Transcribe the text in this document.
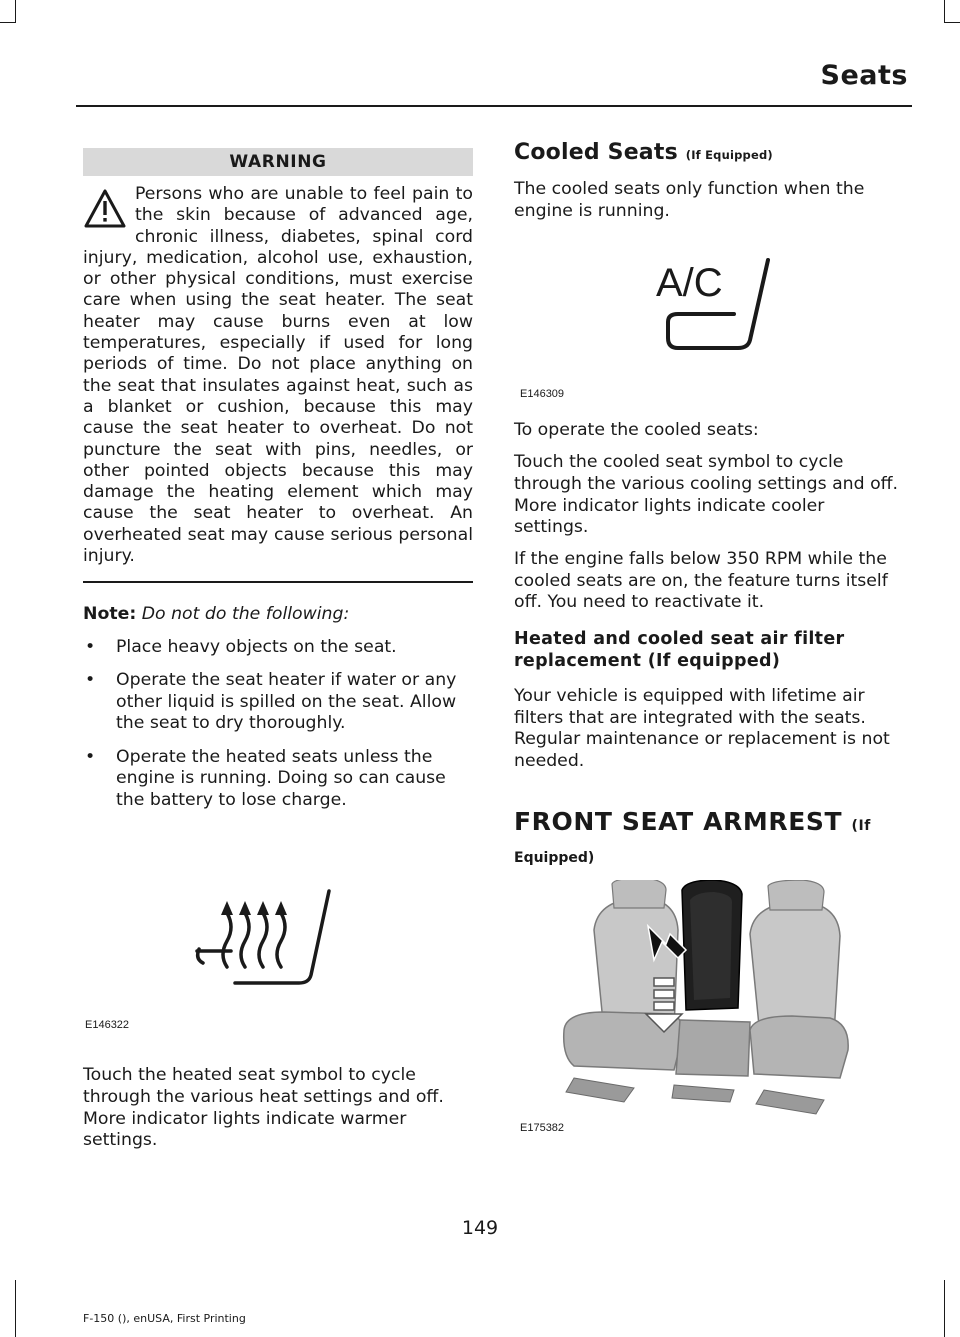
Seats
WARNING
Persons who are unable to feel pain to the skin because of advanced age, chronic illness, diabetes, spinal cord injury, medication, alcohol use, exhaustion, or other physical conditions, must exercise care when using the seat heater. The seat heater may cause burns even at low temperatures, especially if used for long periods of time. Do not place anything on the seat that insulates against heat, such as a blanket or cushion, because this may cause the seat heater to overheat. Do not puncture the seat with pins, needles, or other pointed objects because this may damage the heating element which may cause the seat heater to overheat. An overheated seat may cause serious personal injury.
Note: Do not do the following:
• Place heavy objects on the seat.
• Operate the seat heater if water or any other liquid is spilled on the seat. Allow the seat to dry thoroughly.
• Operate the heated seats unless the engine is running. Doing so can cause the battery to lose charge.
E146322

Touch the heated seat symbol to cycle through the various heat settings and off. More indicator lights indicate warmer settings.

Cooled Seats (If Equipped)

The cooled seats only function when the engine is running.

A/C
E146309

To operate the cooled seats:

Touch the cooled seat symbol to cycle through the various cooling settings and off. More indicator lights indicate cooler settings.

If the engine falls below 350 RPM while the cooled seats are on, the feature turns itself off. You need to reactivate it.

Heated and cooled seat air filter replacement (If equipped)

Your vehicle is equipped with lifetime air filters that are integrated with the seats. Regular maintenance or replacement is not needed.

FRONT SEAT ARMREST (If
Equipped)
E175382
149
F-150 (), enUSA, First Printing
